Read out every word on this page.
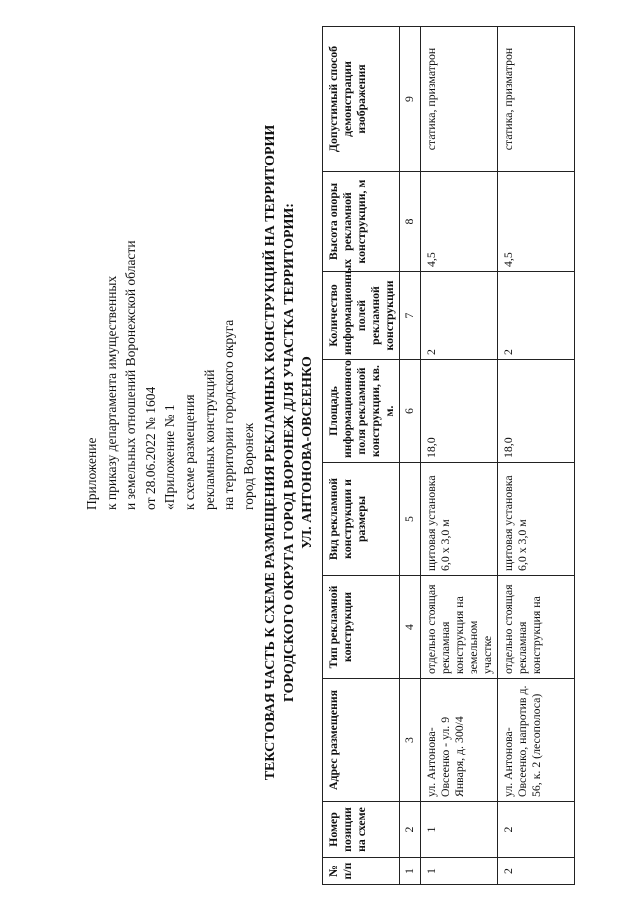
Приложение к приказу департамента имущественных и земельных отношений Воронежской области от 28.06.2022 № 1604 «Приложение № 1 к схеме размещения рекламных конструкций на территории городского округа город Воронеж ТЕКСТОВАЯ ЧАСТЬ К СХЕМЕ РАЗМЕЩЕНИЯ РЕКЛАМНЫХ КОНСТРУКЦИЙ НА ТЕРРИТОРИИ ГОРОДСКОГО ОКРУГА ГОРОД ВОРОНЕЖ ДЛЯ УЧАСТКА ТЕРРИТОРИИ: УЛ. АНТОНОВА-ОВСЕЕНКО
№ п/п	Номер позиции на схеме	Адрес размещения	Тип рекламной конструкции	Вид рекламной конструкции и размеры	Площадь информационного поля рекламной конструкции, кв. м.	Количество информационных полей рекламной конструкции	Высота опоры рекламной конструкции, м	Допустимый способ демонстрации изображения
1	2	3	4	5	6	7	8	9
1	1	ул. Антонова-Овсеенко - ул. 9 Января, д. 300/4	отдельно стоящая рекламная конструкция на земельном участке	щитовая установка 6,0 х 3,0 м	18,0	2	4,5	статика, призматрон
2	2	ул. Антонова-Овсеенко, напротив д. 56, к. 2 (лесополоса)	отдельно стоящая рекламная конструкция на	щитовая установка 6,0 х 3,0 м	18,0	2	4,5	статика, призматрон
